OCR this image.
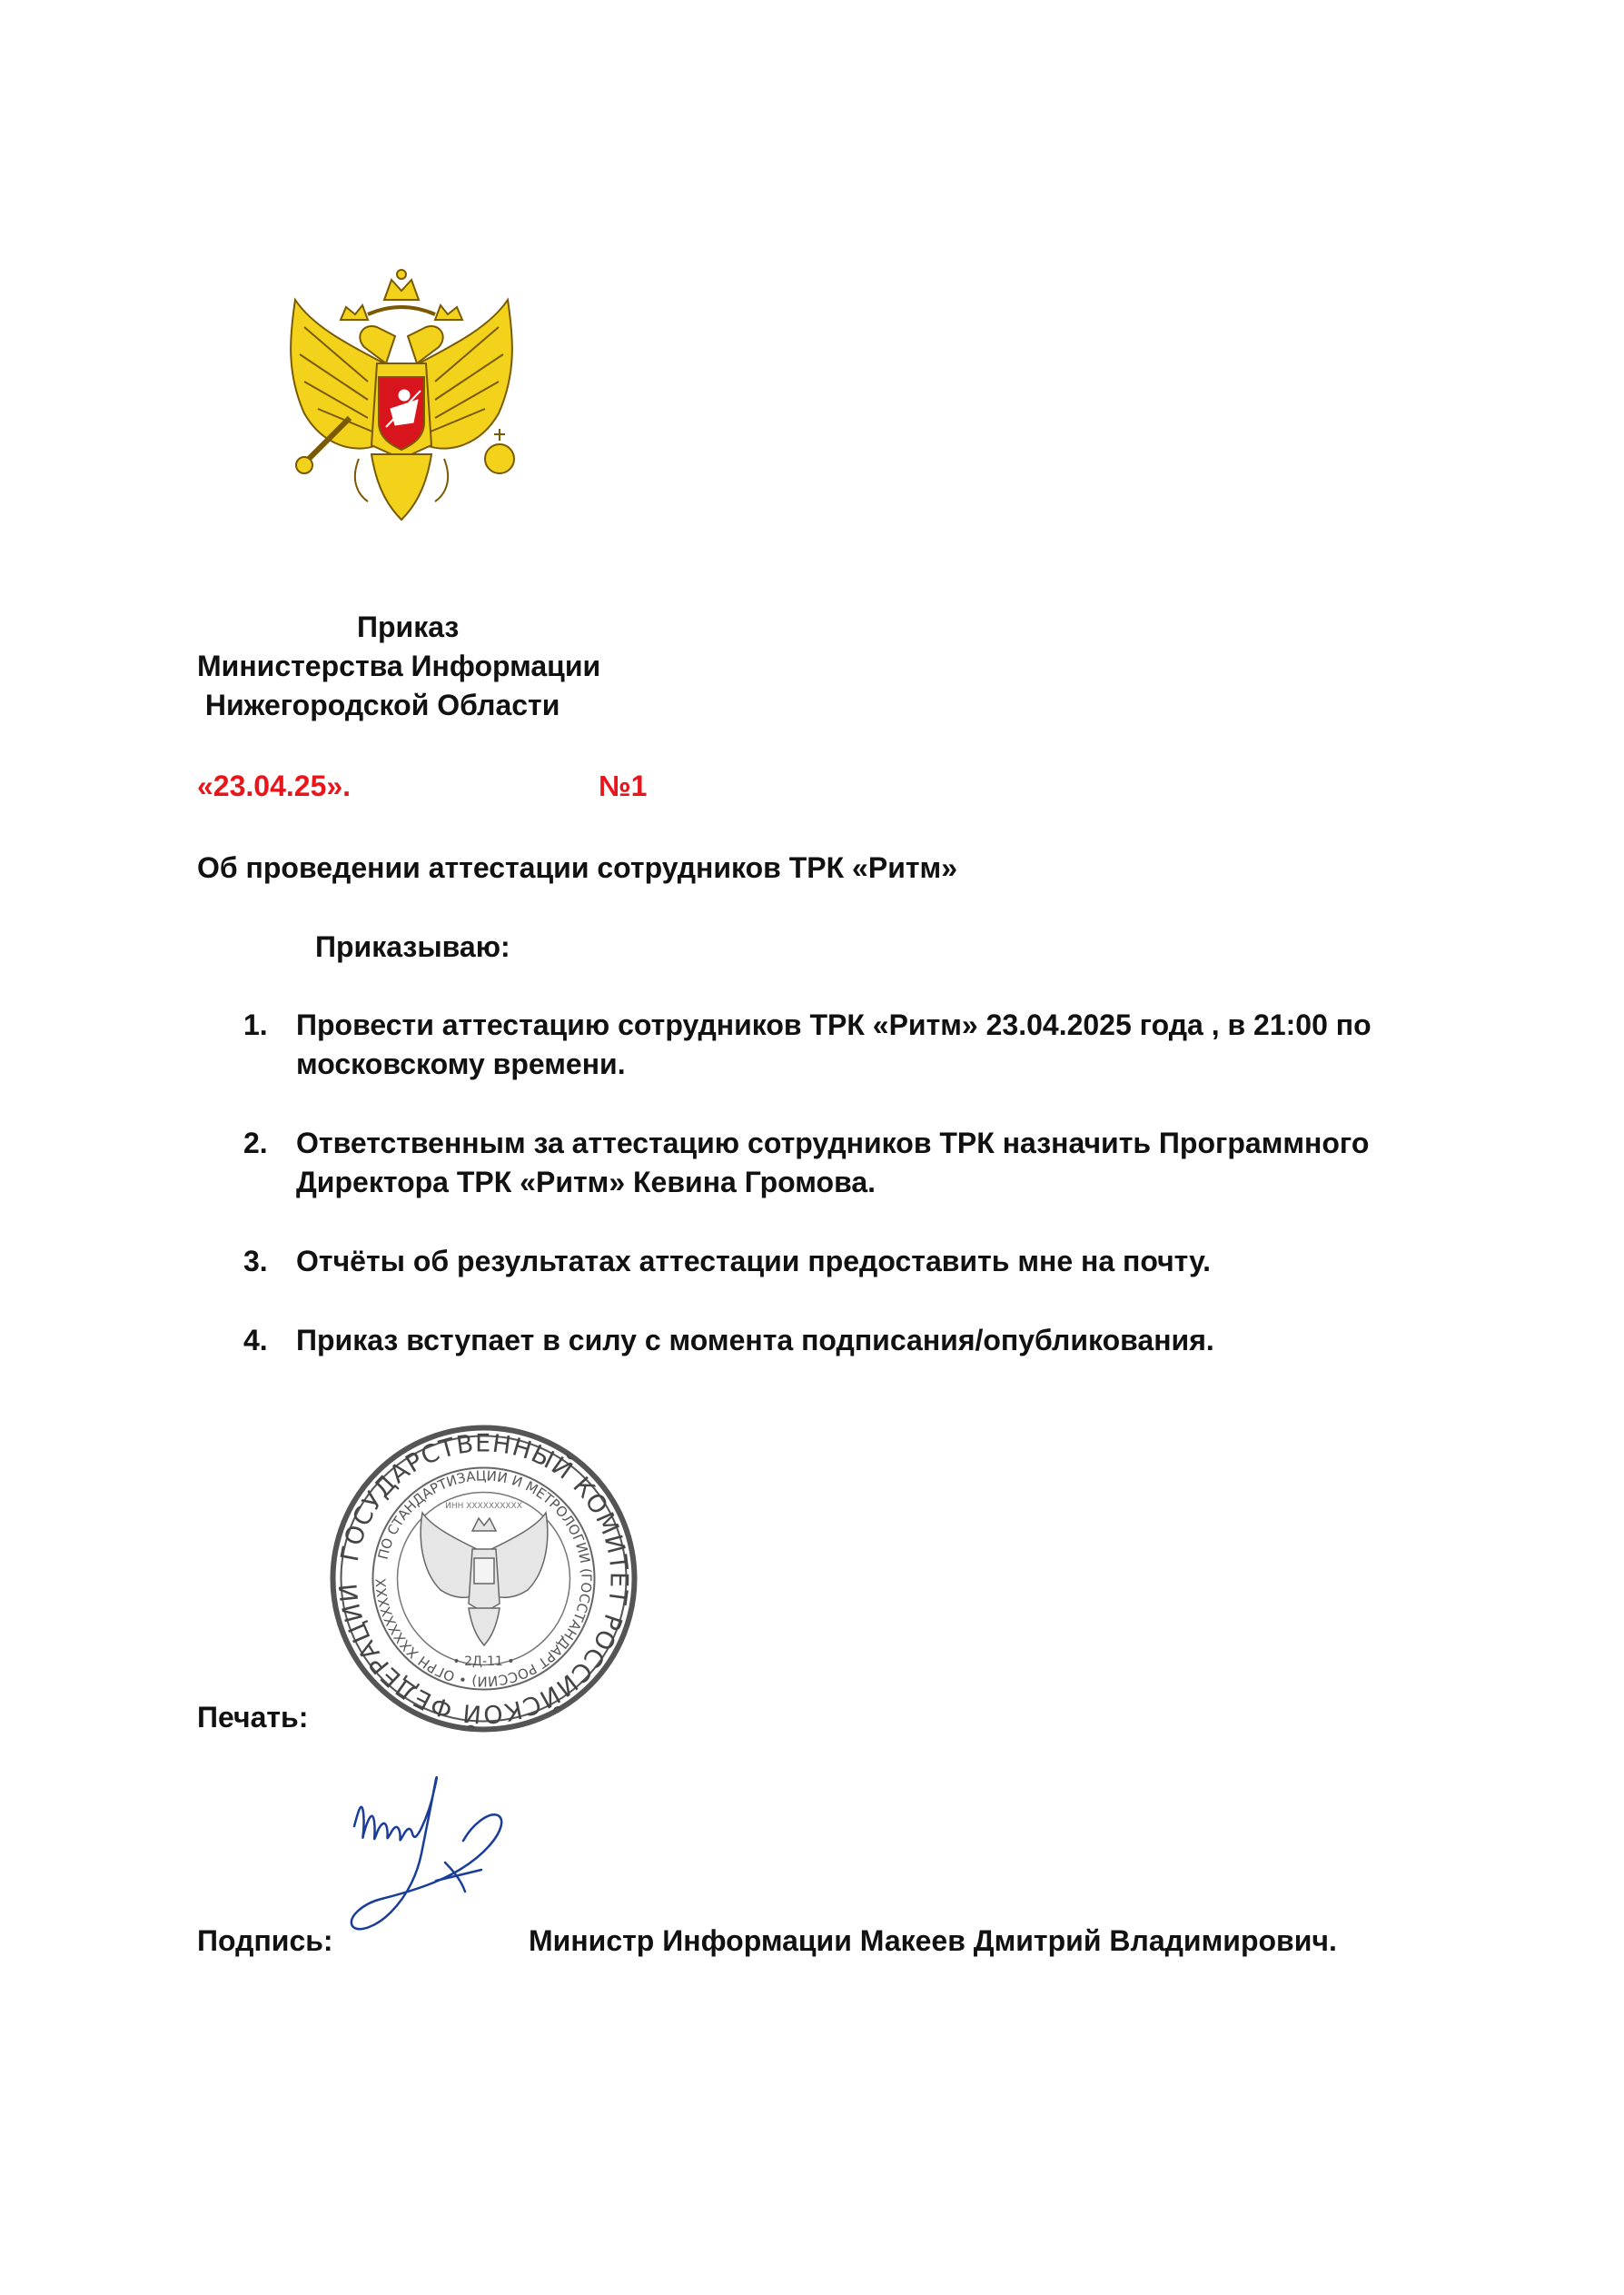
Приказ
Министерства Информации
Нижегородской Области
«23.04.25».	№1
Об проведении аттестации сотрудников ТРК «Ритм»
Приказываю:
1. Провести аттестацию сотрудников ТРК «Ритм» 23.04.2025 года , в 21:00 по
московскому времени.
2. Ответственным за аттестацию сотрудников ТРК назначить Программного
Директора ТРК «Ритм» Кевина Громова.
3. Отчёты об результатах аттестации предоставить мне на почту.
4. Приказ вступает в силу с момента подписания/опубликования.
ГОСУДАРСТВЕННЫЙ КОМИТЕТ РОССИЙСКОЙ ФЕДЕРАЦИИ
ПО СТАНДАРТИЗАЦИИ И МЕТРОЛОГИИ (ГОССТАНДАРТ РОССИИ) • ОГРН XXXXXXXXX
• 2Д-11 •
ИНН XXXXXXXXXX
Печать:
Подпись:	Министр Информации Макеев Дмитрий Владимирович.
